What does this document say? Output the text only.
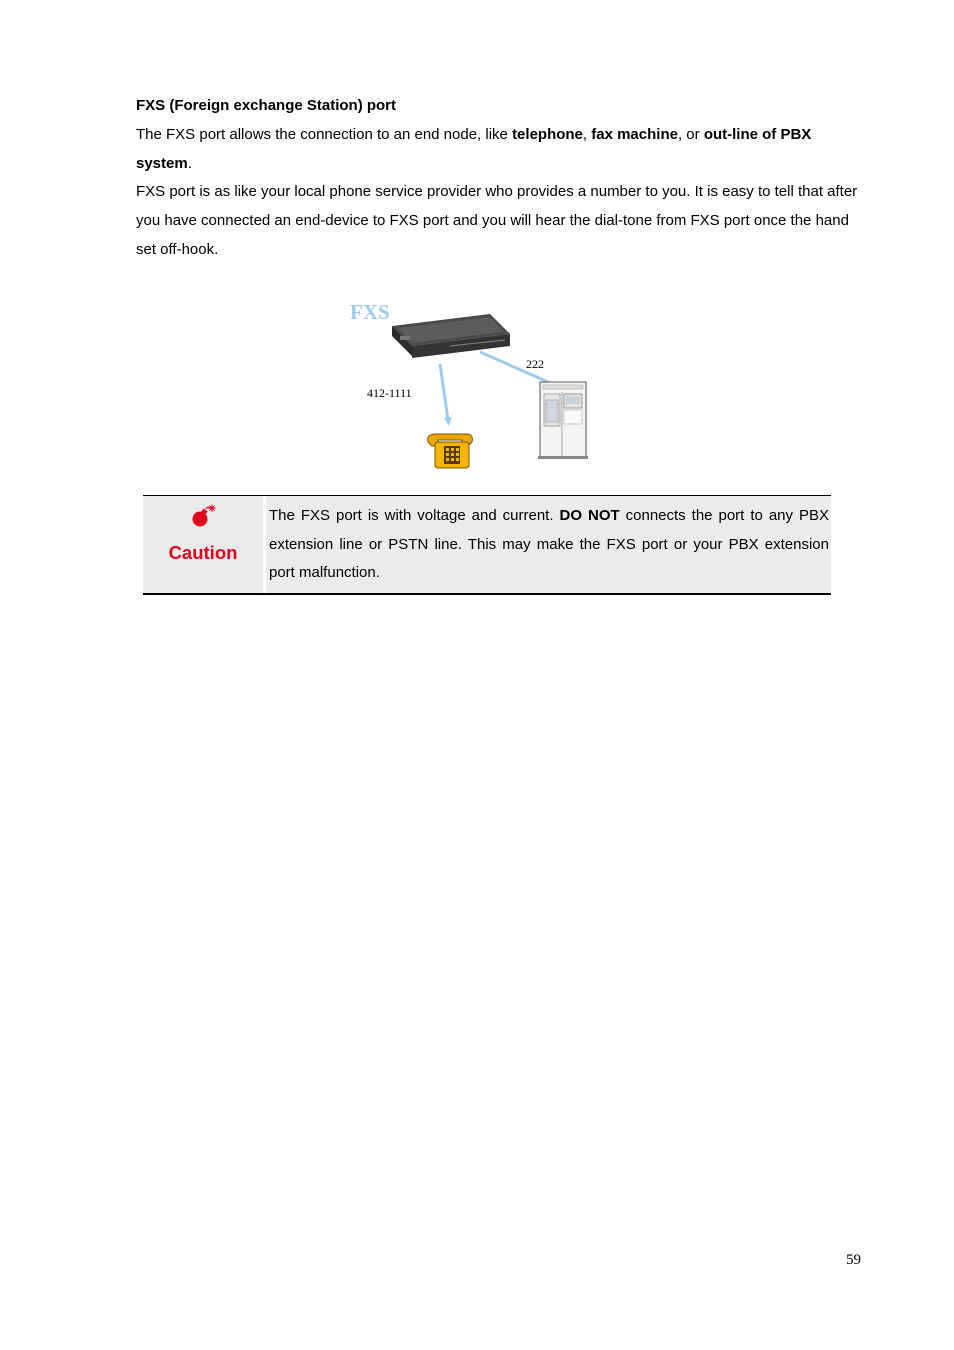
FXS (Foreign exchange Station) port
The FXS port allows the connection to an end node, like telephone, fax machine, or out-line of PBX system.
FXS port is as like your local phone service provider who provides a number to you. It is easy to tell that after you have connected an end-device to FXS port and you will hear the dial-tone from FXS port once the hand set off-hook.
FXS
412-1111
222
Caution
The FXS port is with voltage and current. DO NOT connects the port to any PBX extension line or PSTN line. This may make the FXS port or your PBX extension port malfunction.
59
